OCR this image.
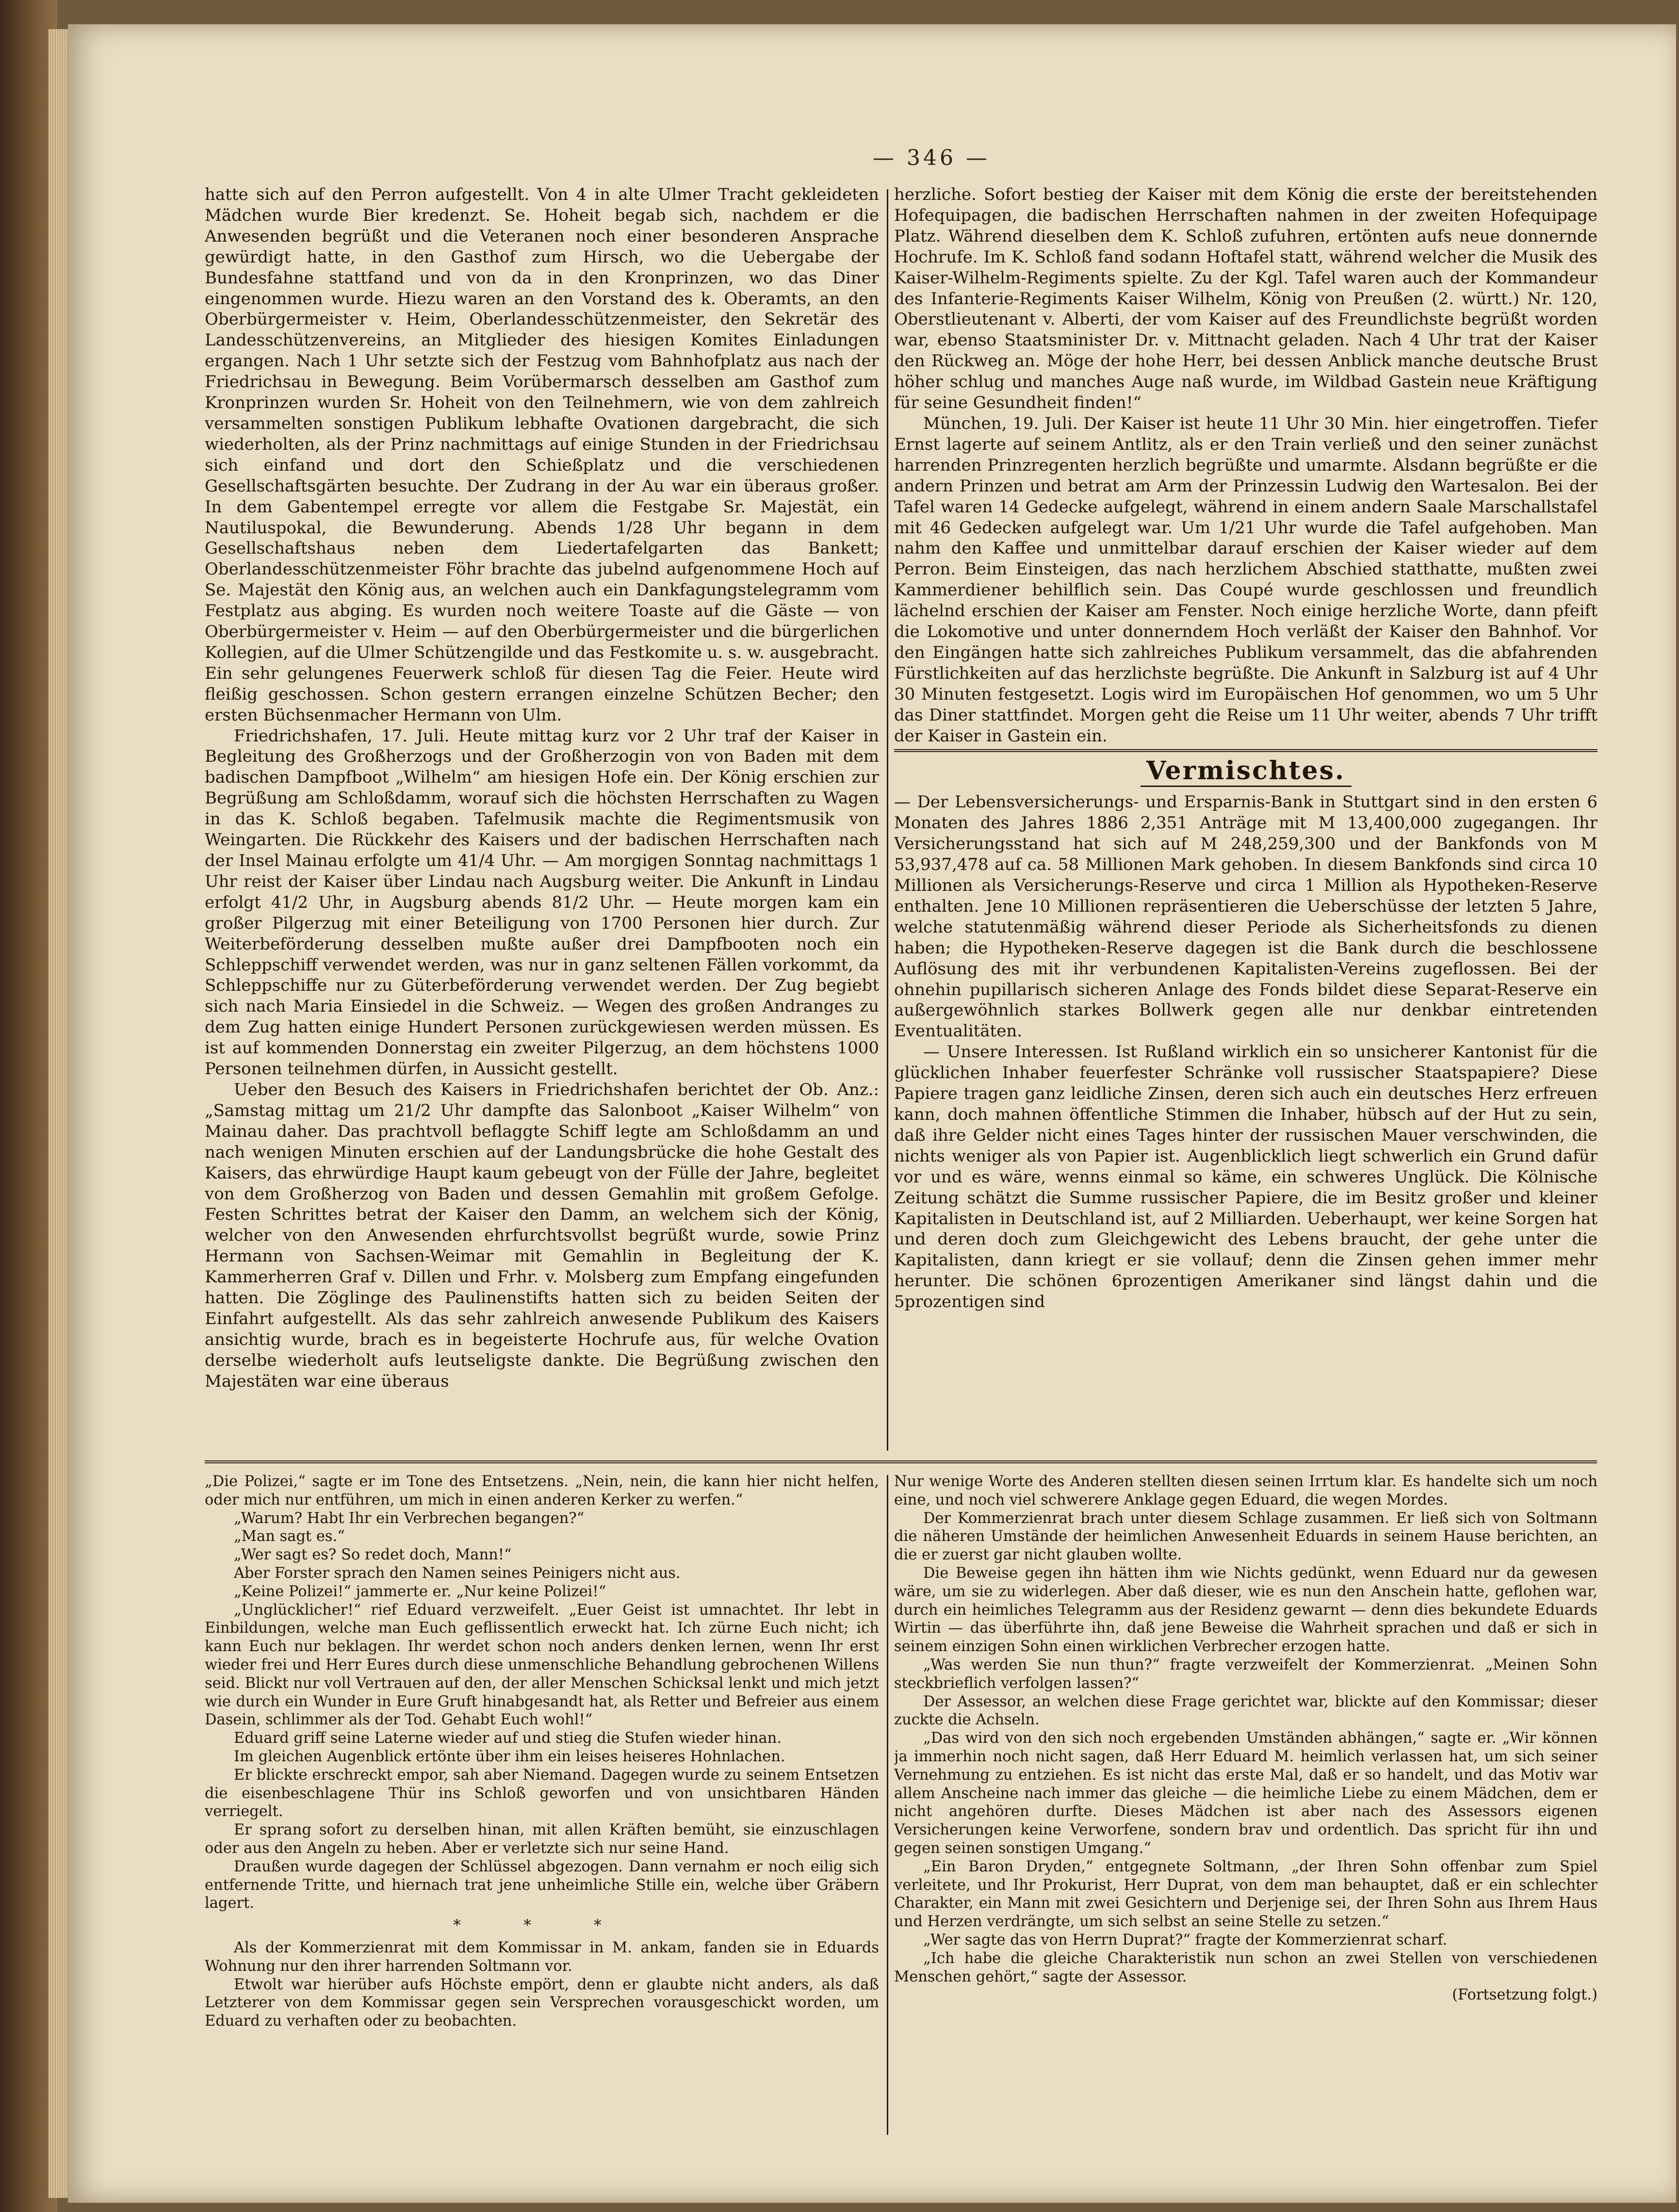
— 346 —

hatte sich auf den Perron aufgestellt. Von 4 in alte Ulmer Tracht gekleideten Mädchen wurde Bier kredenzt. Se. Hoheit begab sich, nachdem er die Anwesenden begrüßt und die Veteranen noch einer besonderen Ansprache gewürdigt hatte, in den Gasthof zum Hirsch, wo die Uebergabe der Bundesfahne stattfand und von da in den Kronprinzen, wo das Diner eingenommen wurde. Hiezu waren an den Vorstand des k. Oberamts, an den Oberbürgermeister v. Heim, Oberlandesschützenmeister, den Sekretär des Landesschützenvereins, an Mitglieder des hiesigen Komites Einladungen ergangen. Nach 1 Uhr setzte sich der Festzug vom Bahnhofplatz aus nach der Friedrichsau in Bewegung. Beim Vorübermarsch desselben am Gasthof zum Kronprinzen wurden Sr. Hoheit von den Teilnehmern, wie von dem zahlreich versammelten sonstigen Publikum lebhafte Ovationen dargebracht, die sich wiederholten, als der Prinz nachmittags auf einige Stunden in der Friedrichsau sich einfand und dort den Schießplatz und die verschiedenen Gesellschaftsgärten besuchte. Der Zudrang in der Au war ein überaus großer. In dem Gabentempel erregte vor allem die Festgabe Sr. Majestät, ein Nautiluspokal, die Bewunderung. Abends 1/28 Uhr begann in dem Gesellschaftshaus neben dem Liedertafelgarten das Bankett; Oberlandesschützenmeister Föhr brachte das jubelnd aufgenommene Hoch auf Se. Majestät den König aus, an welchen auch ein Dankfagungstelegramm vom Festplatz aus abging. Es wurden noch weitere Toaste auf die Gäste — von Oberbürgermeister v. Heim — auf den Oberbürgermeister und die bürgerlichen Kollegien, auf die Ulmer Schützengilde und das Festkomite u. s. w. ausgebracht. Ein sehr gelungenes Feuerwerk schloß für diesen Tag die Feier. Heute wird fleißig geschossen. Schon gestern errangen einzelne Schützen Becher; den ersten Büchsenmacher Hermann von Ulm.

Friedrichshafen, 17. Juli. Heute mittag kurz vor 2 Uhr traf der Kaiser in Begleitung des Großherzogs und der Großherzogin von von Baden mit dem badischen Dampfboot „Wilhelm“ am hiesigen Hofe ein. Der König erschien zur Begrüßung am Schloßdamm, worauf sich die höchsten Herrschaften zu Wagen in das K. Schloß begaben. Tafelmusik machte die Regimentsmusik von Weingarten. Die Rückkehr des Kaisers und der badischen Herrschaften nach der Insel Mainau erfolgte um 41/4 Uhr. — Am morgigen Sonntag nachmittags 1 Uhr reist der Kaiser über Lindau nach Augsburg weiter. Die Ankunft in Lindau erfolgt 41/2 Uhr, in Augsburg abends 81/2 Uhr. — Heute morgen kam ein großer Pilgerzug mit einer Beteiligung von 1700 Personen hier durch. Zur Weiterbeförderung desselben mußte außer drei Dampfbooten noch ein Schleppschiff verwendet werden, was nur in ganz seltenen Fällen vorkommt, da Schleppschiffe nur zu Güterbeförderung verwendet werden. Der Zug begiebt sich nach Maria Einsiedel in die Schweiz. — Wegen des großen Andranges zu dem Zug hatten einige Hundert Personen zurückgewiesen werden müssen. Es ist auf kommenden Donnerstag ein zweiter Pilgerzug, an dem höchstens 1000 Personen teilnehmen dürfen, in Aussicht gestellt.

Ueber den Besuch des Kaisers in Friedrichshafen berichtet der Ob. Anz.: „Samstag mittag um 21/2 Uhr dampfte das Salonboot „Kaiser Wilhelm“ von Mainau daher. Das prachtvoll beflaggte Schiff legte am Schloßdamm an und nach wenigen Minuten erschien auf der Landungsbrücke die hohe Gestalt des Kaisers, das ehrwürdige Haupt kaum gebeugt von der Fülle der Jahre, begleitet von dem Großherzog von Baden und dessen Gemahlin mit großem Gefolge. Festen Schrittes betrat der Kaiser den Damm, an welchem sich der König, welcher von den Anwesenden ehrfurchtsvollst begrüßt wurde, sowie Prinz Hermann von Sachsen-Weimar mit Gemahlin in Begleitung der K. Kammerherren Graf v. Dillen und Frhr. v. Molsberg zum Empfang eingefunden hatten. Die Zöglinge des Paulinenstifts hatten sich zu beiden Seiten der Einfahrt aufgestellt. Als das sehr zahlreich anwesende Publikum des Kaisers ansichtig wurde, brach es in begeisterte Hochrufe aus, für welche Ovation derselbe wiederholt aufs leutseligste dankte. Die Begrüßung zwischen den Majestäten war eine überaus

herzliche. Sofort bestieg der Kaiser mit dem König die erste der bereitstehenden Hofequipagen, die badischen Herrschaften nahmen in der zweiten Hofequipage Platz. Während dieselben dem K. Schloß zufuhren, ertönten aufs neue donnernde Hochrufe. Im K. Schloß fand sodann Hoftafel statt, während welcher die Musik des Kaiser-Wilhelm-Regiments spielte. Zu der Kgl. Tafel waren auch der Kommandeur des Infanterie-Regiments Kaiser Wilhelm, König von Preußen (2. württ.) Nr. 120, Oberstlieutenant v. Alberti, der vom Kaiser auf des Freundlichste begrüßt worden war, ebenso Staatsminister Dr. v. Mittnacht geladen. Nach 4 Uhr trat der Kaiser den Rückweg an. Möge der hohe Herr, bei dessen Anblick manche deutsche Brust höher schlug und manches Auge naß wurde, im Wildbad Gastein neue Kräftigung für seine Gesundheit finden!“

München, 19. Juli. Der Kaiser ist heute 11 Uhr 30 Min. hier eingetroffen. Tiefer Ernst lagerte auf seinem Antlitz, als er den Train verließ und den seiner zunächst harrenden Prinzregenten herzlich begrüßte und umarmte. Alsdann begrüßte er die andern Prinzen und betrat am Arm der Prinzessin Ludwig den Wartesalon. Bei der Tafel waren 14 Gedecke aufgelegt, während in einem andern Saale Marschallstafel mit 46 Gedecken aufgelegt war. Um 1/21 Uhr wurde die Tafel aufgehoben. Man nahm den Kaffee und unmittelbar darauf erschien der Kaiser wieder auf dem Perron. Beim Einsteigen, das nach herzlichem Abschied statthatte, mußten zwei Kammerdiener behilflich sein. Das Coupé wurde geschlossen und freundlich lächelnd erschien der Kaiser am Fenster. Noch einige herzliche Worte, dann pfeift die Lokomotive und unter donnerndem Hoch verläßt der Kaiser den Bahnhof. Vor den Eingängen hatte sich zahlreiches Publikum versammelt, das die abfahrenden Fürstlichkeiten auf das herzlichste begrüßte. Die Ankunft in Salzburg ist auf 4 Uhr 30 Minuten festgesetzt. Logis wird im Europäischen Hof genommen, wo um 5 Uhr das Diner stattfindet. Morgen geht die Reise um 11 Uhr weiter, abends 7 Uhr trifft der Kaiser in Gastein ein.

Vermischtes.

— Der Lebensversicherungs- und Ersparnis-Bank in Stuttgart sind in den ersten 6 Monaten des Jahres 1886 2,351 Anträge mit M 13,400,000 zugegangen. Ihr Versicherungsstand hat sich auf M 248,259,300 und der Bankfonds von M 53,937,478 auf ca. 58 Millionen Mark gehoben. In diesem Bankfonds sind circa 10 Millionen als Versicherungs-Reserve und circa 1 Million als Hypotheken-Reserve enthalten. Jene 10 Millionen repräsentieren die Ueberschüsse der letzten 5 Jahre, welche statutenmäßig während dieser Periode als Sicherheitsfonds zu dienen haben; die Hypotheken-Reserve dagegen ist die Bank durch die beschlossene Auflösung des mit ihr verbundenen Kapitalisten-Vereins zugeflossen. Bei der ohnehin pupillarisch sicheren Anlage des Fonds bildet diese Separat-Reserve ein außergewöhnlich starkes Bollwerk gegen alle nur denkbar eintretenden Eventualitäten.

— Unsere Interessen. Ist Rußland wirklich ein so unsicherer Kantonist für die glücklichen Inhaber feuerfester Schränke voll russischer Staatspapiere? Diese Papiere tragen ganz leidliche Zinsen, deren sich auch ein deutsches Herz erfreuen kann, doch mahnen öffentliche Stimmen die Inhaber, hübsch auf der Hut zu sein, daß ihre Gelder nicht eines Tages hinter der russischen Mauer verschwinden, die nichts weniger als von Papier ist. Augenblicklich liegt schwerlich ein Grund dafür vor und es wäre, wenns einmal so käme, ein schweres Unglück. Die Kölnische Zeitung schätzt die Summe russischer Papiere, die im Besitz großer und kleiner Kapitalisten in Deutschland ist, auf 2 Milliarden. Ueberhaupt, wer keine Sorgen hat und deren doch zum Gleichgewicht des Lebens braucht, der gehe unter die Kapitalisten, dann kriegt er sie vollauf; denn die Zinsen gehen immer mehr herunter. Die schönen 6prozentigen Amerikaner sind längst dahin und die 5prozentigen sind

„Die Polizei,“ sagte er im Tone des Entsetzens. „Nein, nein, die kann hier nicht helfen, oder mich nur entführen, um mich in einen anderen Kerker zu werfen.“

„Warum? Habt Ihr ein Verbrechen begangen?“

„Man sagt es.“

„Wer sagt es? So redet doch, Mann!“

Aber Forster sprach den Namen seines Peinigers nicht aus.

„Keine Polizei!“ jammerte er. „Nur keine Polizei!“

„Unglücklicher!“ rief Eduard verzweifelt. „Euer Geist ist umnachtet. Ihr lebt in Einbildungen, welche man Euch geflissentlich erweckt hat. Ich zürne Euch nicht; ich kann Euch nur beklagen. Ihr werdet schon noch anders denken lernen, wenn Ihr erst wieder frei und Herr Eures durch diese unmenschliche Behandlung gebrochenen Willens seid. Blickt nur voll Vertrauen auf den, der aller Menschen Schicksal lenkt und mich jetzt wie durch ein Wunder in Eure Gruft hinabgesandt hat, als Retter und Befreier aus einem Dasein, schlimmer als der Tod. Gehabt Euch wohl!“

Eduard griff seine Laterne wieder auf und stieg die Stufen wieder hinan.

Im gleichen Augenblick ertönte über ihm ein leises heiseres Hohnlachen.

Er blickte erschreckt empor, sah aber Niemand. Dagegen wurde zu seinem Entsetzen die eisenbeschlagene Thür ins Schloß geworfen und von unsichtbaren Händen verriegelt.

Er sprang sofort zu derselben hinan, mit allen Kräften bemüht, sie einzuschlagen oder aus den Angeln zu heben. Aber er verletzte sich nur seine Hand.

Draußen wurde dagegen der Schlüssel abgezogen. Dann vernahm er noch eilig sich entfernende Tritte, und hiernach trat jene unheimliche Stille ein, welche über Gräbern lagert.

* * *

Als der Kommerzienrat mit dem Kommissar in M. ankam, fanden sie in Eduards Wohnung nur den ihrer harrenden Soltmann vor.

Etwolt war hierüber aufs Höchste empört, denn er glaubte nicht anders, als daß Letzterer von dem Kommissar gegen sein Versprechen vorausgeschickt worden, um Eduard zu verhaften oder zu beobachten.

Nur wenige Worte des Anderen stellten diesen seinen Irrtum klar. Es handelte sich um noch eine, und noch viel schwerere Anklage gegen Eduard, die wegen Mordes.

Der Kommerzienrat brach unter diesem Schlage zusammen. Er ließ sich von Soltmann die näheren Umstände der heimlichen Anwesenheit Eduards in seinem Hause berichten, an die er zuerst gar nicht glauben wollte.

Die Beweise gegen ihn hätten ihm wie Nichts gedünkt, wenn Eduard nur da gewesen wäre, um sie zu widerlegen. Aber daß dieser, wie es nun den Anschein hatte, geflohen war, durch ein heimliches Telegramm aus der Residenz gewarnt — denn dies bekundete Eduards Wirtin — das überführte ihn, daß jene Beweise die Wahrheit sprachen und daß er sich in seinem einzigen Sohn einen wirklichen Verbrecher erzogen hatte.

„Was werden Sie nun thun?“ fragte verzweifelt der Kommerzienrat. „Meinen Sohn steckbrieflich verfolgen lassen?“

Der Assessor, an welchen diese Frage gerichtet war, blickte auf den Kommissar; dieser zuckte die Achseln.

„Das wird von den sich noch ergebenden Umständen abhängen,“ sagte er. „Wir können ja immerhin noch nicht sagen, daß Herr Eduard M. heimlich verlassen hat, um sich seiner Vernehmung zu entziehen. Es ist nicht das erste Mal, daß er so handelt, und das Motiv war allem Anscheine nach immer das gleiche — die heimliche Liebe zu einem Mädchen, dem er nicht angehören durfte. Dieses Mädchen ist aber nach des Assessors eigenen Versicherungen keine Verworfene, sondern brav und ordentlich. Das spricht für ihn und gegen seinen sonstigen Umgang.“

„Ein Baron Dryden,“ entgegnete Soltmann, „der Ihren Sohn offenbar zum Spiel verleitete, und Ihr Prokurist, Herr Duprat, von dem man behauptet, daß er ein schlechter Charakter, ein Mann mit zwei Gesichtern und Derjenige sei, der Ihren Sohn aus Ihrem Haus und Herzen verdrängte, um sich selbst an seine Stelle zu setzen.“

„Wer sagte das von Herrn Duprat?“ fragte der Kommerzienrat scharf.

„Ich habe die gleiche Charakteristik nun schon an zwei Stellen von verschiedenen Menschen gehört,“ sagte der Assessor.

(Fortsetzung folgt.)
